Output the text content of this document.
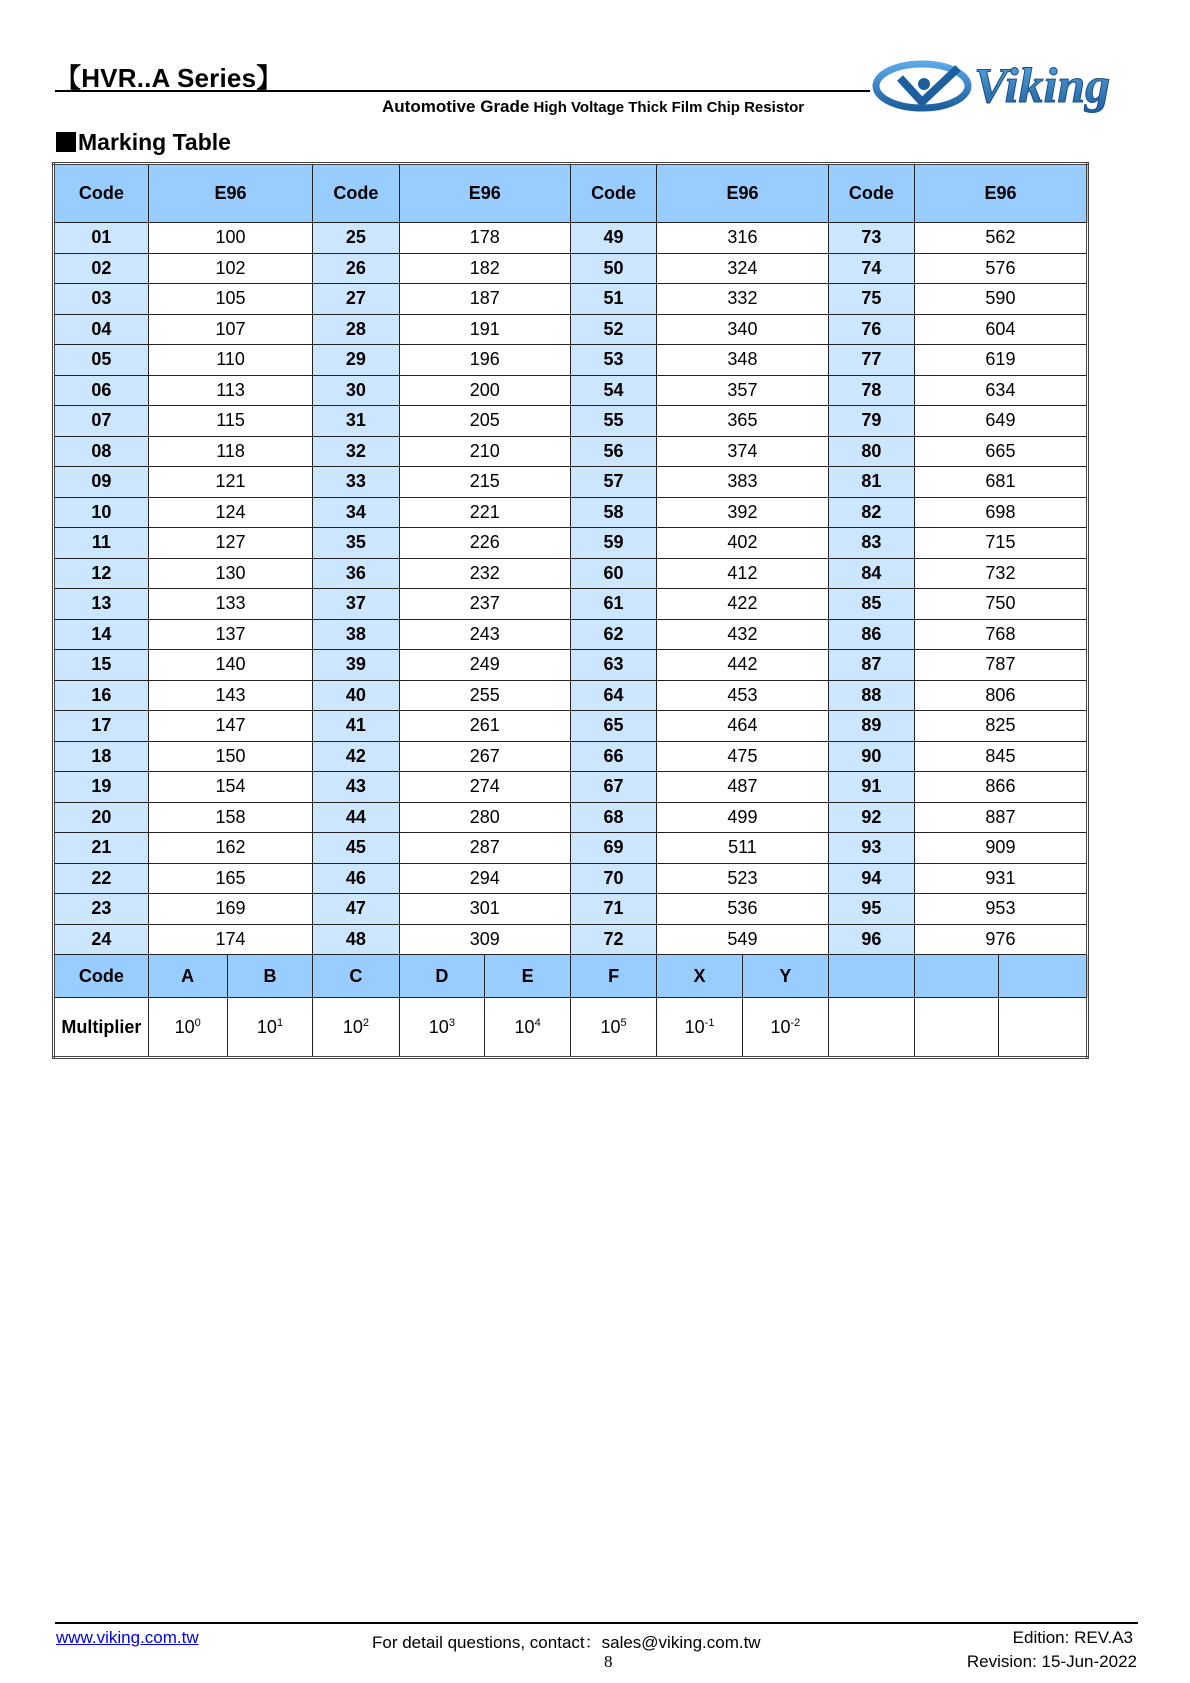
【HVR..A Series】
Automotive Grade High Voltage Thick Film Chip Resistor	Viking
Marking Table
Code	E96		Code	E96		Code	E96		Code	E96	
01	100		25	178		49	316		73	562	
02	102		26	182		50	324		74	576	
03	105		27	187		51	332		75	590	
04	107		28	191		52	340		76	604	
05	110		29	196		53	348		77	619	
06	113		30	200		54	357		78	634	
07	115		31	205		55	365		79	649	
08	118		32	210		56	374		80	665	
09	121		33	215		57	383		81	681	
10	124		34	221		58	392		82	698	
11	127		35	226		59	402		83	715	
12	130		36	232		60	412		84	732	
13	133		37	237		61	422		85	750	
14	137		38	243		62	432		86	768	
15	140		39	249		63	442		87	787	
16	143		40	255		64	453		88	806	
17	147		41	261		65	464		89	825	
18	150		42	267		66	475		90	845	
19	154		43	274		67	487		91	866	
20	158		44	280		68	499		92	887	
21	162		45	287		69	511		93	909	
22	165		46	294		70	523		94	931	
23	169		47	301		71	536		95	953	
24	174		48	309		72	549		96	976	
Code	A	B	C	D	E	F	X	Y			
Multiplier	$10^0$	$10^1$	$10^2$	$10^3$	$10^4$	$10^5$	$10^{-1}$	$10^{-2}$			
www.viking.com.tw	For detail questions, contact：sales@viking.com.tw
8
Edition: REV.A3
Revision: 15-Jun-2022
